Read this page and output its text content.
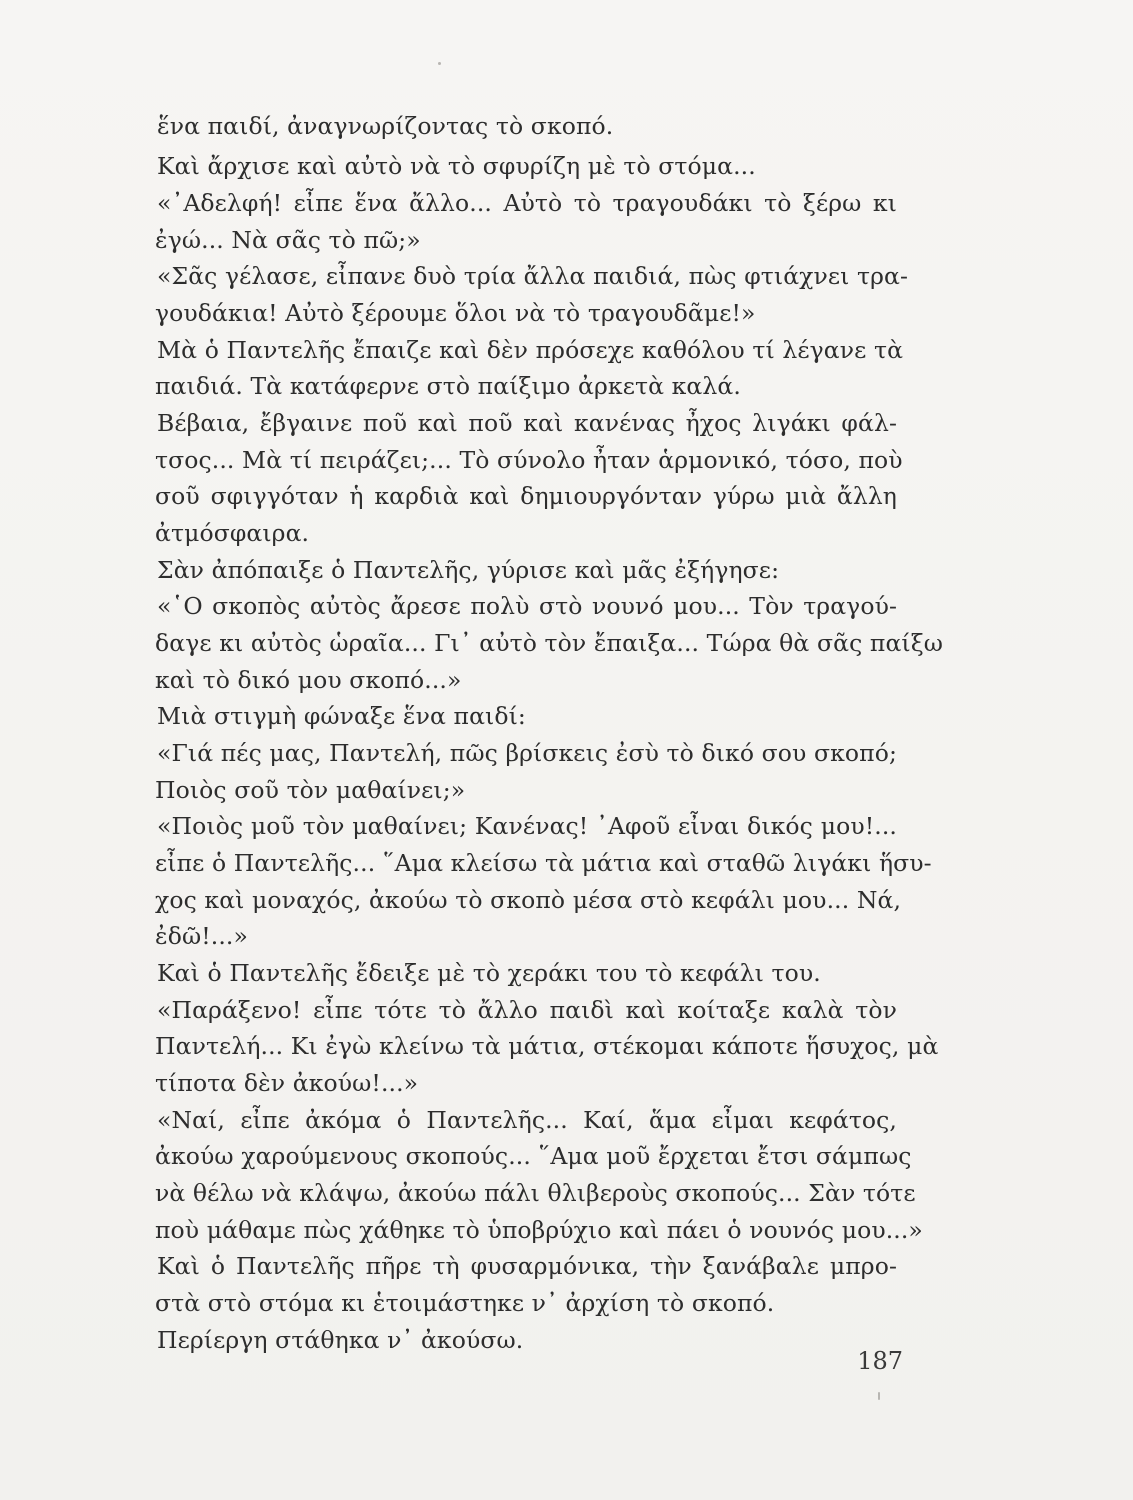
ἕνα παιδί, ἀναγνωρίζοντας τὸ σκοπό.
Καὶ ἄρχισε καὶ αὐτὸ νὰ τὸ σφυρίζη μὲ τὸ στόμα...
«᾽Αδελφή! εἶπε ἕνα ἄλλο... Αὐτὸ τὸ τραγουδάκι τὸ ξέρω κι
ἐγώ... Νὰ σᾶς τὸ πῶ;»
«Σᾶς γέλασε, εἶπανε δυὸ τρία ἄλλα παιδιά, πὼς φτιάχνει τρα-
γουδάκια! Αὐτὸ ξέρουμε ὅλοι νὰ τὸ τραγουδᾶμε!»
Μὰ ὁ Παντελῆς ἔπαιζε καὶ δὲν πρόσεχε καθόλου τί λέγανε τὰ
παιδιά. Τὰ κατάφερνε στὸ παίξιμο ἀρκετὰ καλά.
Βέβαια, ἔβγαινε ποῦ καὶ ποῦ καὶ κανένας ἦχος λιγάκι φάλ-
τσος... Μὰ τί πειράζει;... Τὸ σύνολο ἦταν ἁρμονικό, τόσο, ποὺ
σοῦ σφιγγόταν ἡ καρδιὰ καὶ δημιουργόνταν γύρω μιὰ ἄλλη
ἀτμόσφαιρα.
Σὰν ἀπόπαιξε ὁ Παντελῆς, γύρισε καὶ μᾶς ἐξήγησε:
«῾Ο σκοπὸς αὐτὸς ἄρεσε πολὺ στὸ νουνό μου... Τὸν τραγού-
δαγε κι αὐτὸς ὡραῖα... Γι᾽ αὐτὸ τὸν ἔπαιξα... Τώρα θὰ σᾶς παίξω
καὶ τὸ δικό μου σκοπό...»
Μιὰ στιγμὴ φώναξε ἕνα παιδί:
«Γιά πές μας, Παντελή, πῶς βρίσκεις ἐσὺ τὸ δικό σου σκοπό;
Ποιὸς σοῦ τὸν μαθαίνει;»
«Ποιὸς μοῦ τὸν μαθαίνει; Κανένας! ᾽Αφοῦ εἶναι δικός μου!...
εἶπε ὁ Παντελῆς... ῞Αμα κλείσω τὰ μάτια καὶ σταθῶ λιγάκι ἥσυ-
χος καὶ μοναχός, ἀκούω τὸ σκοπὸ μέσα στὸ κεφάλι μου... Νά,
ἐδῶ!...»
Καὶ ὁ Παντελῆς ἔδειξε μὲ τὸ χεράκι του τὸ κεφάλι του.
«Παράξενο! εἶπε τότε τὸ ἄλλο παιδὶ καὶ κοίταξε καλὰ τὸν
Παντελή... Κι ἐγὼ κλείνω τὰ μάτια, στέκομαι κάποτε ἥσυχος, μὰ
τίποτα δὲν ἀκούω!...»
«Ναί, εἶπε ἀκόμα ὁ Παντελῆς... Καί, ἅμα εἶμαι κεφάτος,
ἀκούω χαρούμενους σκοπούς... ῞Αμα μοῦ ἔρχεται ἔτσι σάμπως
νὰ θέλω νὰ κλάψω, ἀκούω πάλι θλιβεροὺς σκοπούς... Σὰν τότε
ποὺ μάθαμε πὼς χάθηκε τὸ ὑποβρύχιο καὶ πάει ὁ νουνός μου...»
Καὶ ὁ Παντελῆς πῆρε τὴ φυσαρμόνικα, τὴν ξανάβαλε μπρο-
στὰ στὸ στόμα κι ἑτοιμάστηκε ν᾽ ἀρχίση τὸ σκοπό.
Περίεργη στάθηκα ν᾽ ἀκούσω.
187
